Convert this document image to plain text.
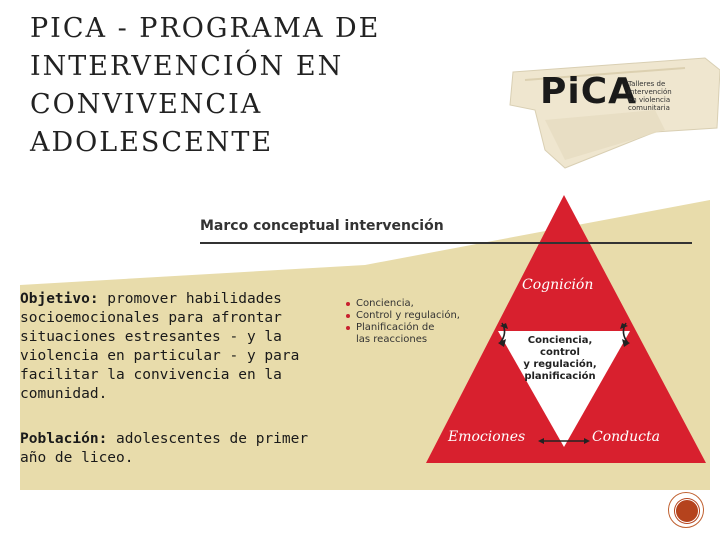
PICA - PROGRAMA DE
INTERVENCIÓN EN
CONVIVENCIA
ADOLESCENTE
PiCA
Talleres de
intervención
en violencia
comunitaria
Marco conceptual intervención
Conciencia,
Control y regulación,
Planificación de las reacciones	Conciencia,
control
y regulación,
planificación
Cognición
Emociones	Conducta
Objetivo: promover habilidades socioemocionales para afrontar situaciones estresantes - y la violencia en particular - y para facilitar la convivencia en la comunidad.
Población: adolescentes de primer año de liceo.
